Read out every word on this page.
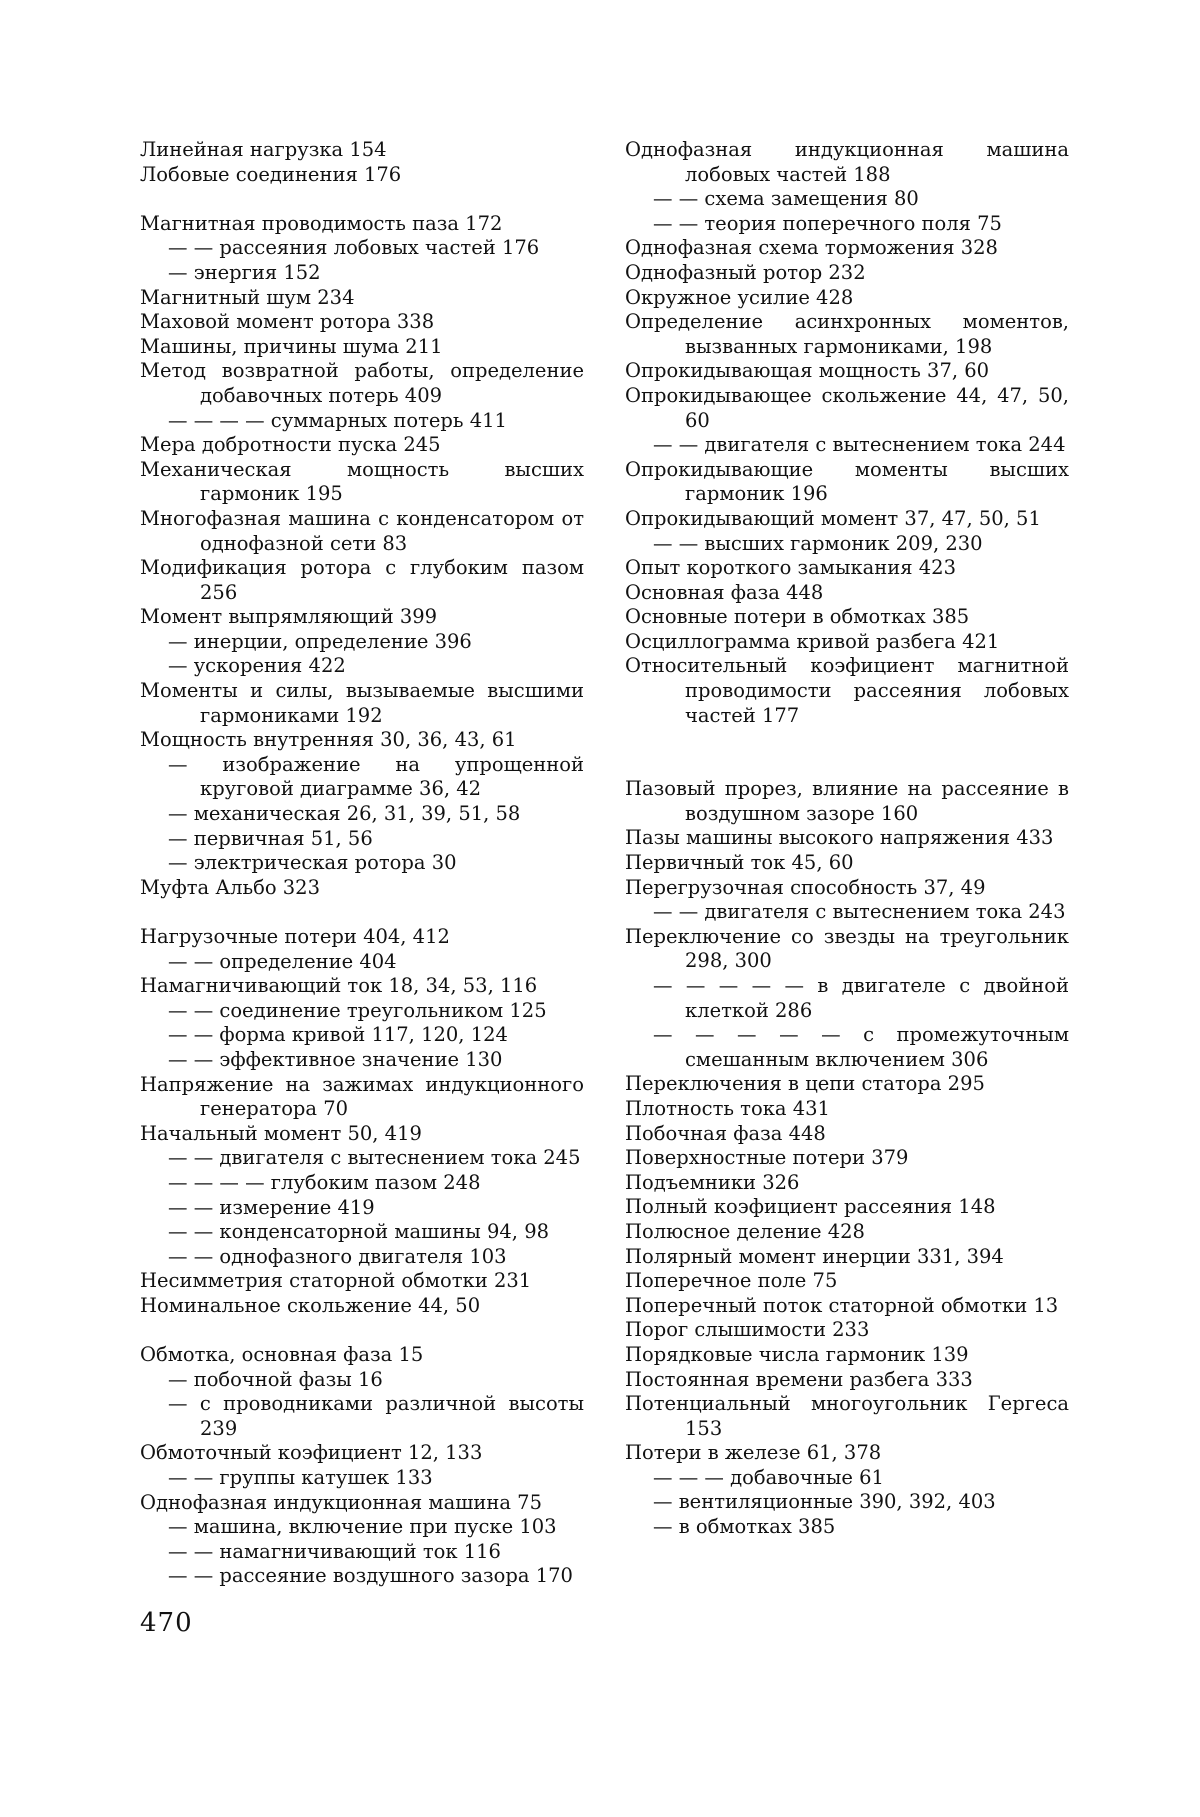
Линейная нагрузка 154
Лобовые соединения 176
Магнитная проводимость паза 172
— — рассеяния лобовых частей 176
— энергия 152
Магнитный шум 234
Маховой момент ротора 338
Машины, причины шума 211
Метод возвратной работы, определение добавочных потерь 409
— — — — суммарных потерь 411
Мера добротности пуска 245
Механическая мощность высших гармоник 195
Многофазная машина с конденсатором от однофазной сети 83
Модификация ротора с глубоким пазом 256
Момент выпрямляющий 399
— инерции, определение 396
— ускорения 422
Моменты и силы, вызываемые высшими гармониками 192
Мощность внутренняя 30, 36, 43, 61
— изображение на упрощенной круговой диаграмме 36, 42
— механическая 26, 31, 39, 51, 58
— первичная 51, 56
— электрическая ротора 30
Муфта Альбо 323
Нагрузочные потери 404, 412
— — определение 404
Намагничивающий ток 18, 34, 53, 116
— — соединение треугольником 125
— — форма кривой 117, 120, 124
— — эффективное значение 130
Напряжение на зажимах индукционного генератора 70
Начальный момент 50, 419
— — двигателя с вытеснением тока 245
— — — — глубоким пазом 248
— — измерение 419
— — конденсаторной машины 94, 98
— — однофазного двигателя 103
Несимметрия статорной обмотки 231
Номинальное скольжение 44, 50
Обмотка, основная фаза 15
— побочной фазы 16
— с проводниками различной высоты 239
Обмоточный коэфициент 12, 133
— — группы катушек 133
Однофазная индукционная машина 75
— машина, включение при пуске 103
— — намагничивающий ток 116
— — рассеяние воздушного зазора 170
Однофазная индукционная машина лобовых частей 188
— — схема замещения 80
— — теория поперечного поля 75
Однофазная схема торможения 328
Однофазный ротор 232
Окружное усилие 428
Определение асинхронных моментов, вызванных гармониками, 198
Опрокидывающая мощность 37, 60
Опрокидывающее скольжение 44, 47, 50, 60
— — двигателя с вытеснением тока 244
Опрокидывающие моменты высших гармоник 196
Опрокидывающий момент 37, 47, 50, 51
— — высших гармоник 209, 230
Опыт короткого замыкания 423
Основная фаза 448
Основные потери в обмотках 385
Осциллограмма кривой разбега 421
Относительный коэфициент магнитной проводимости рассеяния лобовых частей 177
Пазовый прорез, влияние на рассеяние в воздушном зазоре 160
Пазы машины высокого напряжения 433
Первичный ток 45, 60
Перегрузочная способность 37, 49
— — двигателя с вытеснением тока 243
Переключение со звезды на треугольник 298, 300
— — — — — в двигателе с двойной клеткой 286
— — — — — с промежуточным смешанным включением 306
Переключения в цепи статора 295
Плотность тока 431
Побочная фаза 448
Поверхностные потери 379
Подъемники 326
Полный коэфициент рассеяния 148
Полюсное деление 428
Полярный момент инерции 331, 394
Поперечное поле 75
Поперечный поток статорной обмотки 13
Порог слышимости 233
Порядковые числа гармоник 139
Постоянная времени разбега 333
Потенциальный многоугольник Гергеса 153
Потери в железе 61, 378
— — — добавочные 61
— вентиляционные 390, 392, 403
— в обмотках 385
470
